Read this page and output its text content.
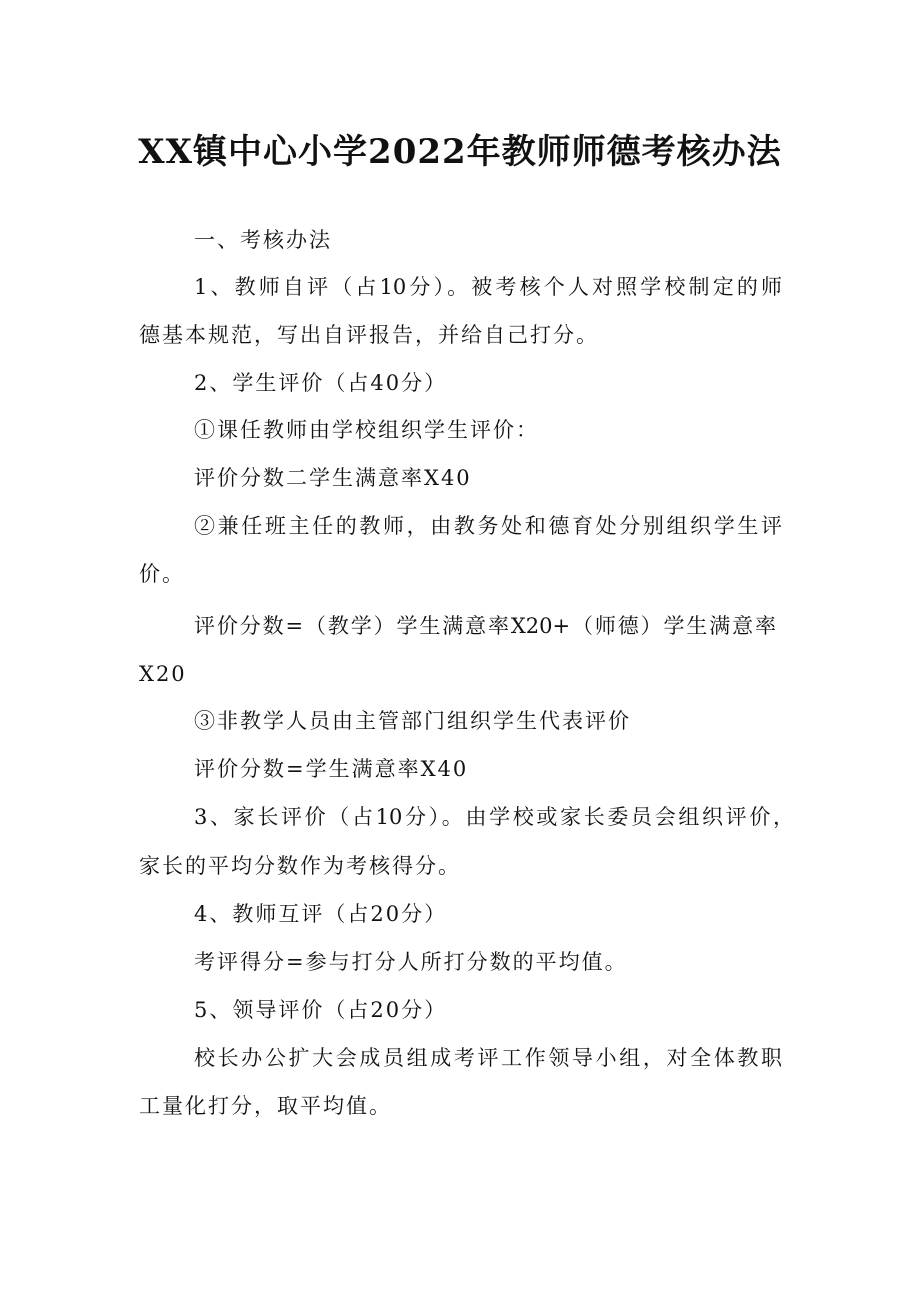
XX镇中心小学2022年教师师德考核办法
一、考核办法
1、教师自评（占10分）。被考核个人对照学校制定的师
德基本规范，写出自评报告，并给自己打分。
2、学生评价（占40分）
①课任教师由学校组织学生评价：
评价分数二学生满意率X40
②兼任班主任的教师，由教务处和德育处分别组织学生评
价。
评价分数=（教学）学生满意率X20+（师德）学生满意率
X20
③非教学人员由主管部门组织学生代表评价
评价分数=学生满意率X40
3、家长评价（占10分）。由学校或家长委员会组织评价，
家长的平均分数作为考核得分。
4、教师互评（占20分）
考评得分=参与打分人所打分数的平均值。
5、领导评价（占20分）
校长办公扩大会成员组成考评工作领导小组，对全体教职
工量化打分，取平均值。
